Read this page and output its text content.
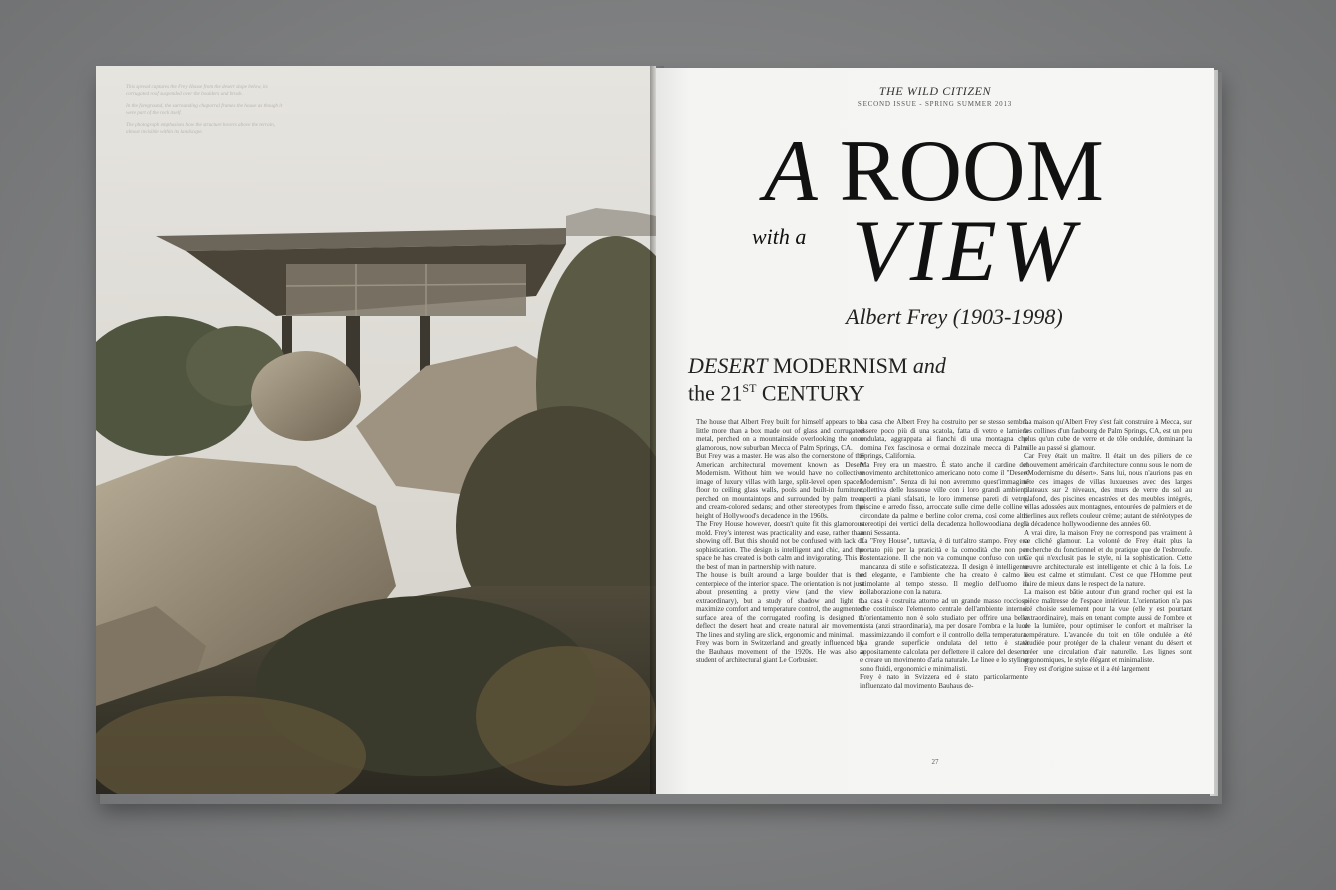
This spread captures the Frey House from the desert slope below, its corrugated roof suspended over the boulders and brush.

In the foreground, the surrounding chaparral frames the house as though it were part of the rock itself.

The photograph emphasises how the structure hovers above the terrain, almost invisible within its landscape.

THE WILD CITIZEN
SECOND ISSUE - SPRING SUMMER 2013
A ROOM
with a VIEW
Albert Frey (1903-1998)
DESERT MODERNISM and
the 21ST CENTURY

The house that Albert Frey built for himself appears to be little more than a box made out of glass and corrugated metal, perched on a mountainside overlooking the once glamorous, now suburban Mecca of Palm Springs, CA.

But Frey was a master. He was also the cornerstone of the American architectural movement known as Desert Modernism. Without him we would have no collective image of luxury villas with large, split-level open spaces, floor to ceiling glass walls, pools and built-in furniture, perched on mountaintops and surrounded by palm trees and cream-colored sedans; and other stereotypes from the height of Hollywood's decadence in the 1960s.

The Frey House however, doesn't quite fit this glamorous mold. Frey's interest was practicality and ease, rather than showing off. But this should not be confused with lack of sophistication. The design is intelligent and chic, and the space he has created is both calm and invigorating. This is the best of man in partnership with nature.

The house is built around a large boulder that is the centerpiece of the interior space. The orientation is not just about presenting a pretty view (and the view is extraordinary), but a study of shadow and light to maximize comfort and temperature control, the augmented surface area of the corrugated roofing is designed to deflect the desert heat and create natural air movement. The lines and styling are slick, ergonomic and minimal.

Frey was born in Switzerland and greatly influenced by the Bauhaus movement of the 1920s. He was also a student of architectural giant Le Corbusier.

La casa che Albert Frey ha costruito per se stesso sembra essere poco più di una scatola, fatta di vetro e lamiera ondulata, aggrappata ai fianchi di una montagna che domina l'ex fascinosa e ormai dozzinale mecca di Palm Springs, California.

Ma Frey era un maestro. È stato anche il cardine del movimento architettonico americano noto come il "Desert Modernism". Senza di lui non avremmo quest'immagine collettiva delle lussuose ville con i loro grandi ambienti aperti a piani sfalsati, le loro immense pareti di vetro, piscine e arredo fisso, arroccate sulle cime delle colline e circondate da palme e berline color crema, così come altri stereotipi dei vertici della decadenza hollowoodiana degli anni Sessanta.

La "Frey House", tuttavia, è di tutt'altro stampo. Frey era portato più per la praticità e la comodità che non per l'ostentazione. Il che non va comunque confuso con una mancanza di stile e sofisticatezza. Il design è intelligente ed elegante, e l'ambiente che ha creato è calmo e stimolante al tempo stesso. Il meglio dell'uomo in collaborazione con la natura.

La casa è costruita attorno ad un grande masso roccioso che costituisce l'elemento centrale dell'ambiente interno. L'orientamento non è solo studiato per offrire una bella vista (anzi straordinaria), ma per dosare l'ombra e la luce massimizzando il comfort e il controllo della temperatura. La grande superficie ondulata del tetto è stata appositamente calcolata per deflettere il calore del deserto e creare un movimento d'aria naturale. Le linee e lo styling sono fluidi, ergonomici e minimalisti.

Frey è nato in Svizzera ed è stato particolarmente influenzato dal movimento Bauhaus de-

La maison qu'Albert Frey s'est fait construire à Mecca, sur les collines d'un faubourg de Palm Springs, CA, est un peu plus qu'un cube de verre et de tôle ondulée, dominant la ville au passé si glamour.

Car Frey était un maître. Il était un des piliers de ce mouvement américain d'architecture connu sous le nom de «Modernisme du désert». Sans lui, nous n'aurions pas en tête ces images de villas luxueuses avec des larges plateaux sur 2 niveaux, des murs de verre du sol au plafond, des piscines encastrées et des meubles intégrés, villas adossées aux montagnes, entourées de palmiers et de berlines aux reflets couleur crème; autant de stéréotypes de la décadence hollywoodienne des années 60.

A vrai dire, la maison Frey ne correspond pas vraiment à ce cliché glamour. La volonté de Frey était plus la recherche du fonctionnel et du pratique que de l'esbroufe. Ce qui n'exclusit pas le style, ni la sophistication. Cette œuvre architecturale est intelligente et chic à la fois. Le lieu est calme et stimulant. C'est ce que l'Homme peut faire de mieux dans le respect de la nature.

La maison est bâtie autour d'un grand rocher qui est la pièce maîtresse de l'espace intérieur. L'orientation n'a pas été choisie seulement pour la vue (elle y est pourtant extraordinaire), mais en tenant compte aussi de l'ombre et de la lumière, pour optimiser le confort et maîtriser la température. L'avancée du toit en tôle ondulée a été étudiée pour protéger de la chaleur venant du désert et créer une circulation d'air naturelle. Les lignes sont ergonomiques, le style élégant et minimaliste.

Frey est d'origine suisse et il a été largement

27
